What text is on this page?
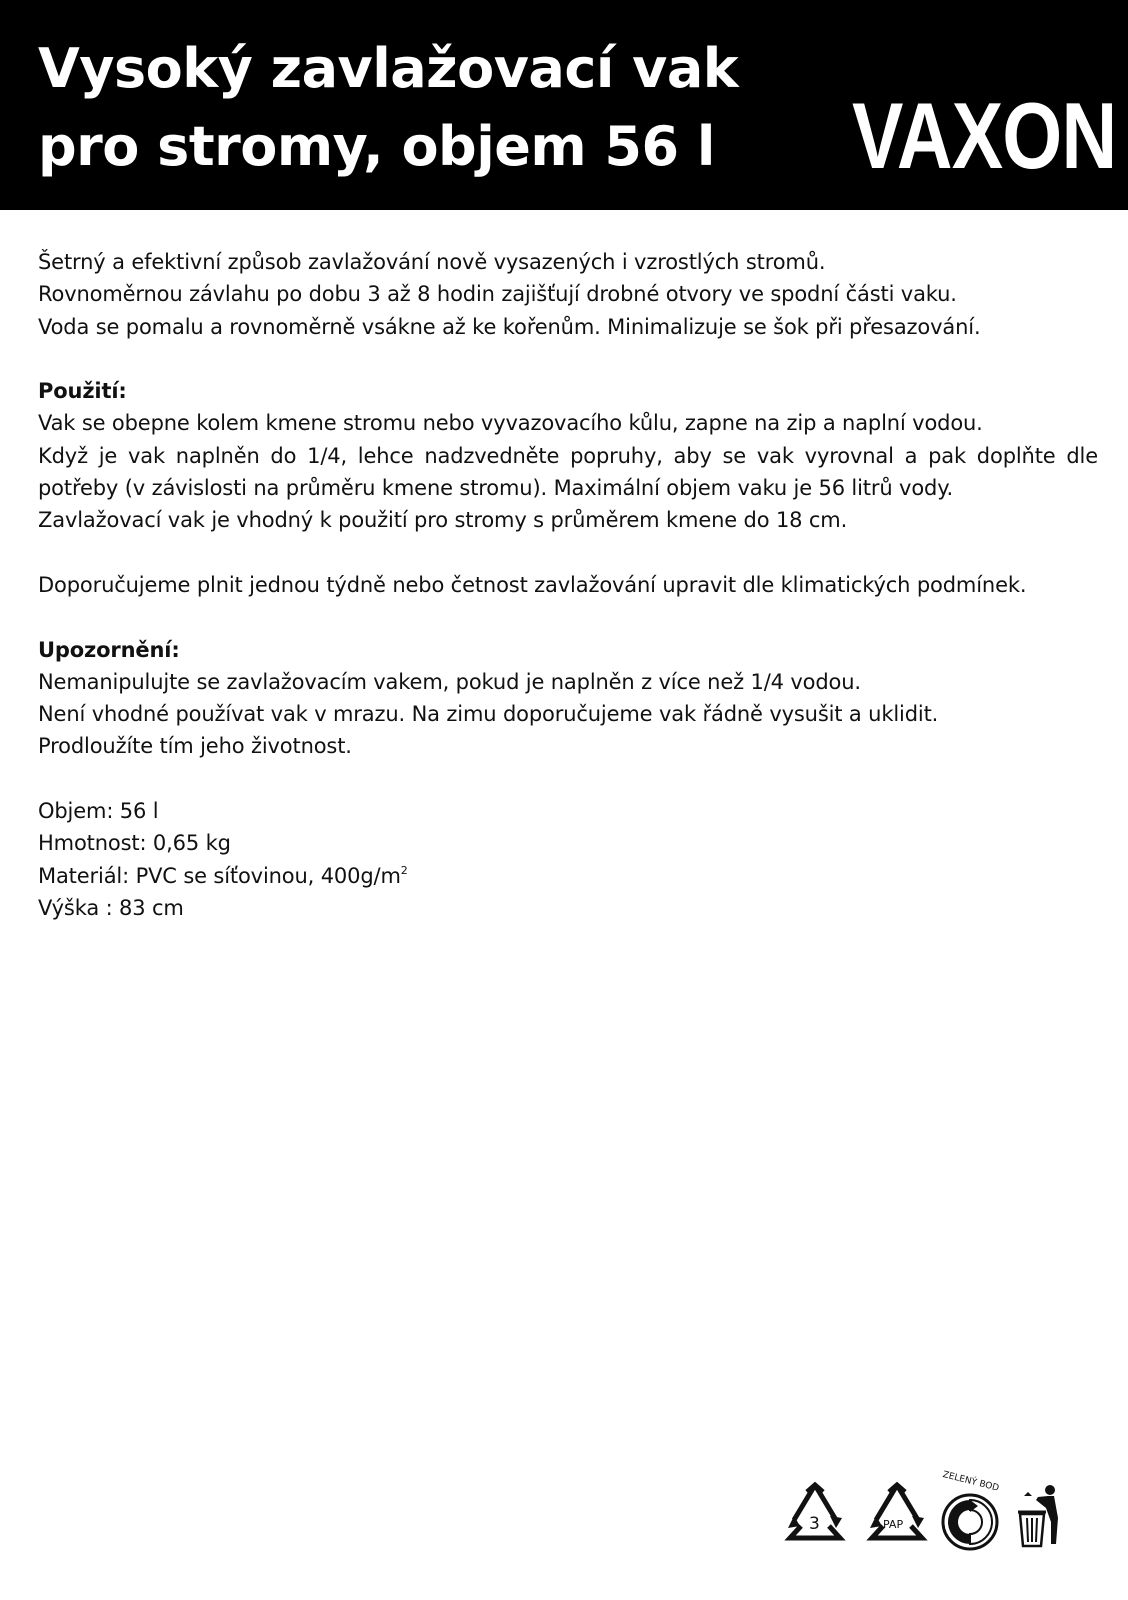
Vysoký zavlažovací vak
pro stromy, objem 56 l VAXON
Šetrný a efektivní způsob zavlažování nově vysazených i vzrostlých stromů.
Rovnoměrnou závlahu po dobu 3 až 8 hodin zajišťují drobné otvory ve spodní části vaku.
Voda se pomalu a rovnoměrně vsákne až ke kořenům. Minimalizuje se šok při přesazování.
Použití:
Vak se obepne kolem kmene stromu nebo vyvazovacího kůlu, zapne na zip a naplní vodou.
Když je vak naplněn do 1/4, lehce nadzvedněte popruhy, aby se vak vyrovnal a pak doplňte dle
potřeby (v závislosti na průměru kmene stromu). Maximální objem vaku je 56 litrů vody.
Zavlažovací vak je vhodný k použití pro stromy s průměrem kmene do 18 cm.
Doporučujeme plnit jednou týdně nebo četnost zavlažování upravit dle klimatických podmínek.
Upozornění:
Nemanipulujte se zavlažovacím vakem, pokud je naplněn z více než 1/4 vodou.
Není vhodné používat vak v mrazu. Na zimu doporučujeme vak řádně vysušit a uklidit.
Prodloužíte tím jeho životnost.
Objem: 56 l
Hmotnost: 0,65 kg
Materiál: PVC se síťovinou, $400g/m^2$
Výška : 83 cm
3	PAP
ZELENÝ BOD
